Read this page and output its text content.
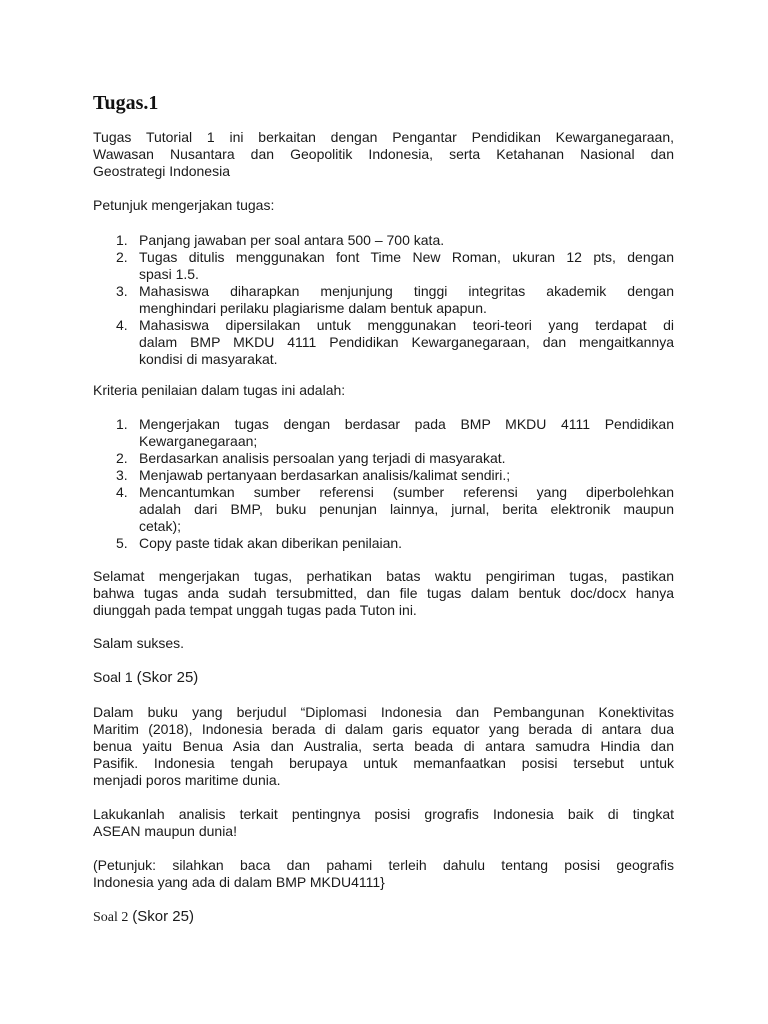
Tugas.1
Tugas Tutorial 1 ini berkaitan dengan Pengantar Pendidikan Kewarganegaraan,
Wawasan Nusantara dan Geopolitik Indonesia, serta Ketahanan Nasional dan
Geostrategi Indonesia
Petunjuk mengerjakan tugas:
1. Panjang jawaban per soal antara 500 – 700 kata.
2. Tugas ditulis menggunakan font Time New Roman, ukuran 12 pts, dengan
spasi 1.5.
3. Mahasiswa diharapkan menjunjung tinggi integritas akademik dengan
menghindari perilaku plagiarisme dalam bentuk apapun.
4. Mahasiswa dipersilakan untuk menggunakan teori-teori yang terdapat di
dalam BMP MKDU 4111 Pendidikan Kewarganegaraan, dan mengaitkannya
kondisi di masyarakat.
Kriteria penilaian dalam tugas ini adalah:
1. Mengerjakan tugas dengan berdasar pada BMP MKDU 4111 Pendidikan
Kewarganegaraan;
2. Berdasarkan analisis persoalan yang terjadi di masyarakat.
3. Menjawab pertanyaan berdasarkan analisis/kalimat sendiri.;
4. Mencantumkan sumber referensi (sumber referensi yang diperbolehkan
adalah dari BMP, buku penunjan lainnya, jurnal, berita elektronik maupun
cetak);
5. Copy paste tidak akan diberikan penilaian.
Selamat mengerjakan tugas, perhatikan batas waktu pengiriman tugas, pastikan
bahwa tugas anda sudah tersubmitted, dan file tugas dalam bentuk doc/docx hanya
diunggah pada tempat unggah tugas pada Tuton ini.
Salam sukses.
Soal 1 (Skor 25)
Dalam buku yang berjudul “Diplomasi Indonesia dan Pembangunan Konektivitas
Maritim (2018), Indonesia berada di dalam garis equator yang berada di antara dua
benua yaitu Benua Asia dan Australia, serta beada di antara samudra Hindia dan
Pasifik. Indonesia tengah berupaya untuk memanfaatkan posisi tersebut untuk
menjadi poros maritime dunia.
Lakukanlah analisis terkait pentingnya posisi grografis Indonesia baik di tingkat
ASEAN maupun dunia!
(Petunjuk: silahkan baca dan pahami terleih dahulu tentang posisi geografis
Indonesia yang ada di dalam BMP MKDU4111}
Soal 2 (Skor 25)
